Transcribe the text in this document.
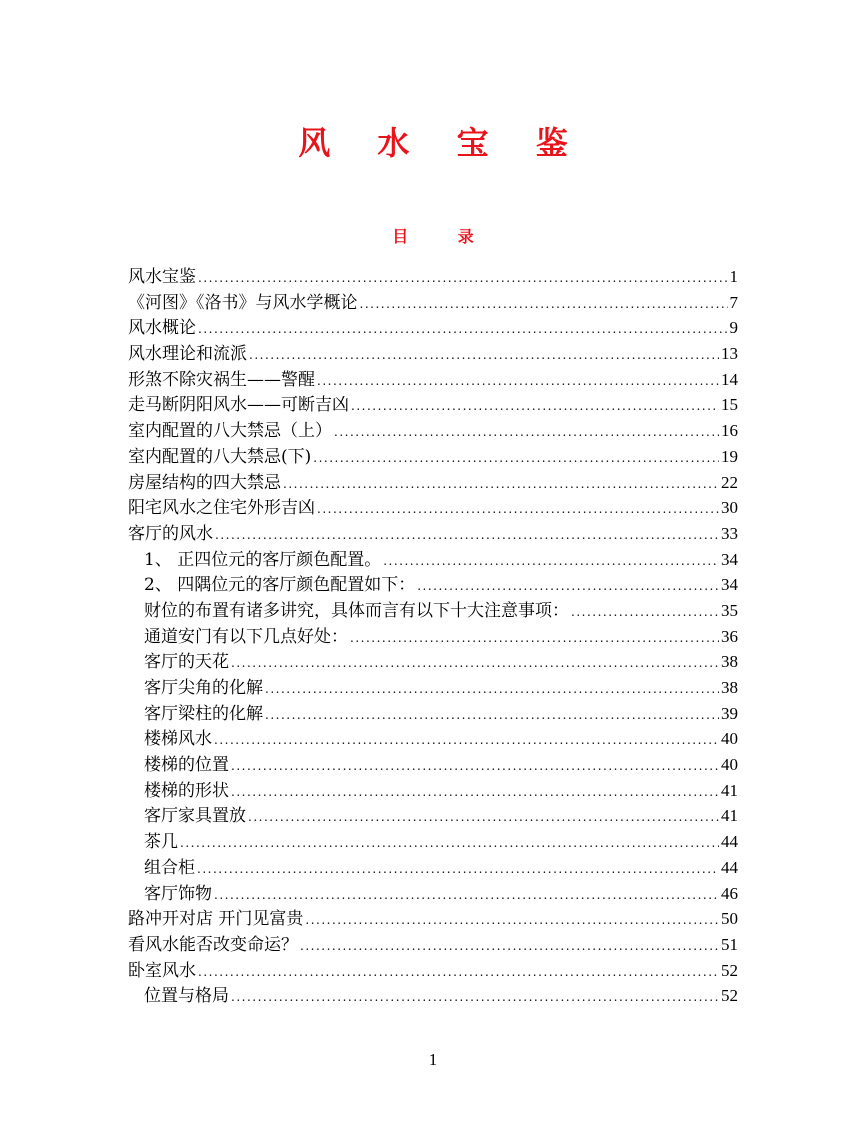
风 水 宝 鉴
目 录
风水宝鉴 .....	1
《河图》《洛书》与风水学概论 .....	7
风水概论 .....	9
风水理论和流派 .....	13
形煞不除灾祸生——警醒 .....	14
走马断阴阳风水——可断吉凶 .....	15
室内配置的八大禁忌（上） .....	16
室内配置的八大禁忌(下) .....	19
房屋结构的四大禁忌 .....	22
阳宅风水之住宅外形吉凶 .....	30
客厅的风水 .....	33
1、 正四位元的客厅颜色配置。 .....	34
2、 四隅位元的客厅颜色配置如下： .....	34
财位的布置有诸多讲究，具体而言有以下十大注意事项： .....	35
通道安门有以下几点好处： .....	36
客厅的天花 .....	38
客厅尖角的化解 .....	38
客厅梁柱的化解 .....	39
楼梯风水 .....	40
楼梯的位置 .....	40
楼梯的形状 .....	41
客厅家具置放 .....	41
茶几 .....	44
组合柜 .....	44
客厅饰物 .....	46
路冲开对店 开门见富贵 .....	50
看风水能否改变命运？ .....	51
卧室风水 .....	52
位置与格局 .....	52
1
